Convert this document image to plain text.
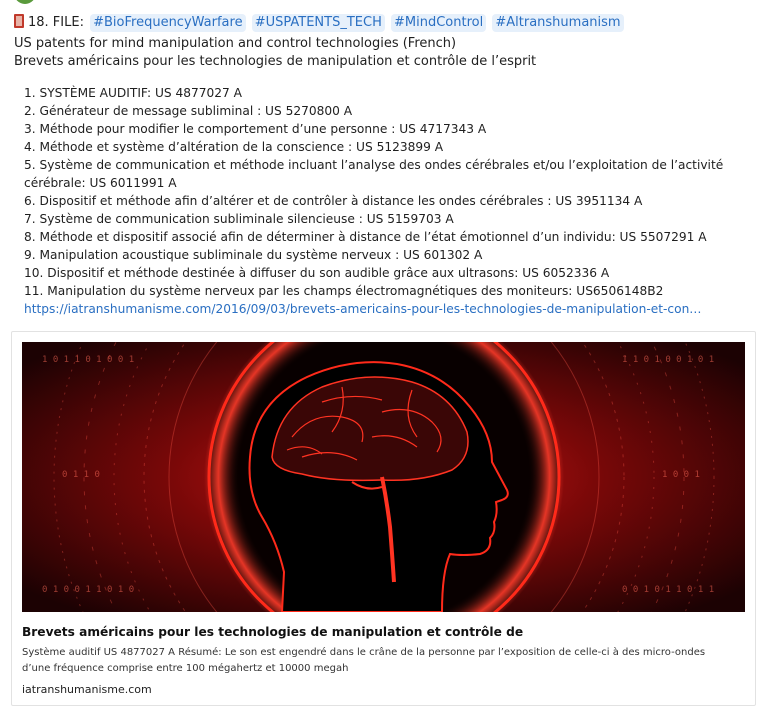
18. FILE: #BioFrequencyWarfare #USPATENTS_TECH #MindControl #Altranshumanism
US patents for mind manipulation and control technologies (French)
Brevets américains pour les technologies de manipulation et contrôle de l’esprit
1. SYSTÈME AUDITIF: US 4877027 A
2. Générateur de message subliminal : US 5270800 A
3. Méthode pour modifier le comportement d’une personne : US 4717343 A
4. Méthode et système d’altération de la conscience : US 5123899 A
5. Système de communication et méthode incluant l’analyse des ondes cérébrales et/ou l’exploitation de l’activité
cérébrale: US 6011991 A
6. Dispositif et méthode afin d’altérer et de contrôler à distance les ondes cérébrales : US 3951134 A
7. Système de communication subliminale silencieuse : US 5159703 A
8. Méthode et dispositif associé afin de déterminer à distance de l’état émotionnel d’un individu: US 5507291 A
9. Manipulation acoustique subliminale du système nerveux : US 601302 A
10. Dispositif et méthode destinée à diffuser du son audible grâce aux ultrasons: US 6052336 A
11. Manipulation du système nerveux par les champs électromagnétiques des moniteurs: US6506148B2
https://iatranshumanisme.com/2016/09/03/brevets-americains-pour-les-technologies-de-manipulation-et-con…
1 0 1 1 0 1 0 0 1
0 1 0 0 1 1 0 1 0
1 1 0 1 0 0 1 0 1
0 0 1 0 1 1 0 1 1
0 1 1 0	1 0 0 1
Brevets américains pour les technologies de manipulation et contrôle de
Système auditif US 4877027 A Résumé: Le son est engendré dans le crâne de la personne par l’exposition de celle-ci à des micro-ondes d’une fréquence comprise entre 100 mégahertz et 10000 megah
iatranshumanisme.com
